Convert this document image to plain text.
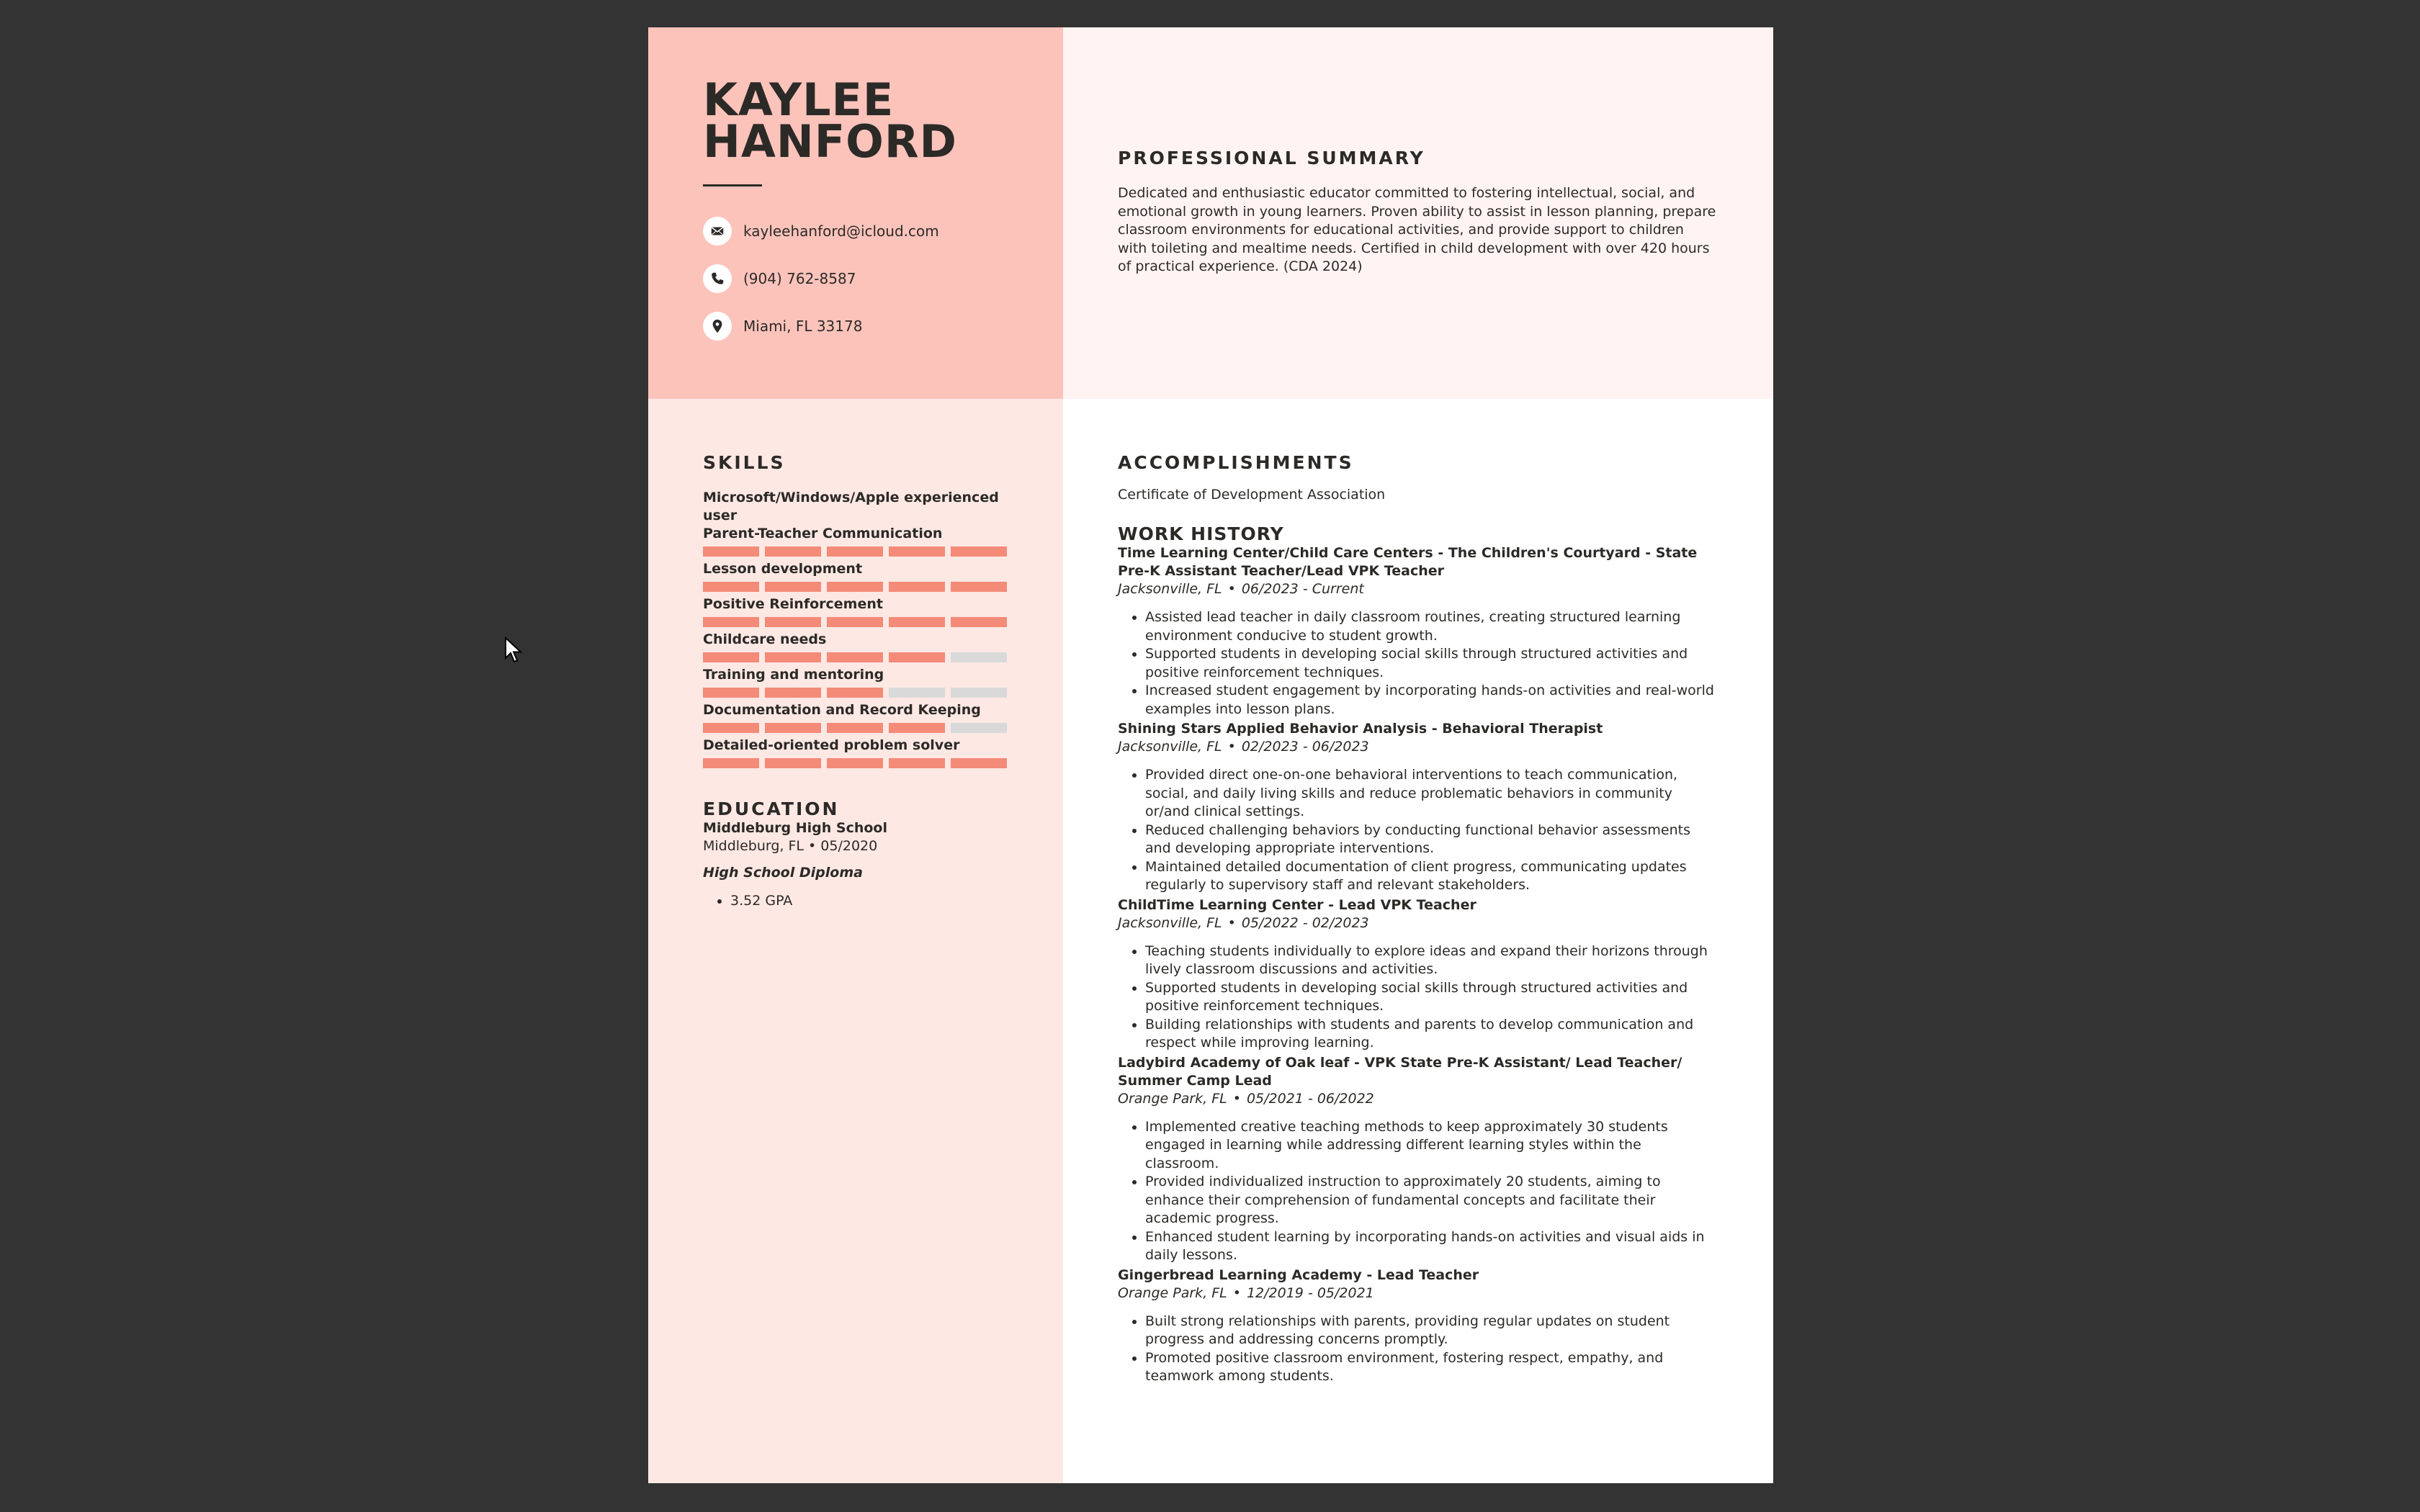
KAYLEE
HANFORD
kayleehanford@icloud.com
(904) 762-8587
Miami, FL 33178
PROFESSIONAL SUMMARY

Dedicated and enthusiastic educator committed to fostering intellectual, social, and emotional growth in young learners. Proven ability to assist in lesson planning, prepare classroom environments for educational activities, and provide support to children with toileting and mealtime needs. Certified in child development with over 420 hours of practical experience. (CDA 2024)

SKILLS

Microsoft/Windows/Apple experienced user

Parent-Teacher Communication

Lesson development

Positive Reinforcement

Childcare needs

Training and mentoring

Documentation and Record Keeping

Detailed-oriented problem solver

EDUCATION

Middleburg High School

Middleburg, FL • 05/2020

High School Diploma

• 3.52 GPA
ACCOMPLISHMENTS

Certificate of Development Association

WORK HISTORY

Time Learning Center/Child Care Centers - The Children's Courtyard - State Pre-K Assistant Teacher/Lead VPK Teacher

Jacksonville, FL • 06/2023 - Current

• Assisted lead teacher in daily classroom routines, creating structured learning environment conducive to student growth.
• Supported students in developing social skills through structured activities and positive reinforcement techniques.
• Increased student engagement by incorporating hands-on activities and real-world examples into lesson plans.

Shining Stars Applied Behavior Analysis - Behavioral Therapist

Jacksonville, FL • 02/2023 - 06/2023

• Provided direct one-on-one behavioral interventions to teach communication, social, and daily living skills and reduce problematic behaviors in community or/and clinical settings.
• Reduced challenging behaviors by conducting functional behavior assessments and developing appropriate interventions.
• Maintained detailed documentation of client progress, communicating updates regularly to supervisory staff and relevant stakeholders.

ChildTime Learning Center - Lead VPK Teacher

Jacksonville, FL • 05/2022 - 02/2023

• Teaching students individually to explore ideas and expand their horizons through lively classroom discussions and activities.
• Supported students in developing social skills through structured activities and positive reinforcement techniques.
• Building relationships with students and parents to develop communication and respect while improving learning.

Ladybird Academy of Oak leaf - VPK State Pre-K Assistant/ Lead Teacher/ Summer Camp Lead

Orange Park, FL • 05/2021 - 06/2022

• Implemented creative teaching methods to keep approximately 30 students engaged in learning while addressing different learning styles within the classroom.
• Provided individualized instruction to approximately 20 students, aiming to enhance their comprehension of fundamental concepts and facilitate their academic progress.
• Enhanced student learning by incorporating hands-on activities and visual aids in daily lessons.

Gingerbread Learning Academy - Lead Teacher

Orange Park, FL • 12/2019 - 05/2021

• Built strong relationships with parents, providing regular updates on student progress and addressing concerns promptly.
• Promoted positive classroom environment, fostering respect, empathy, and teamwork among students.
